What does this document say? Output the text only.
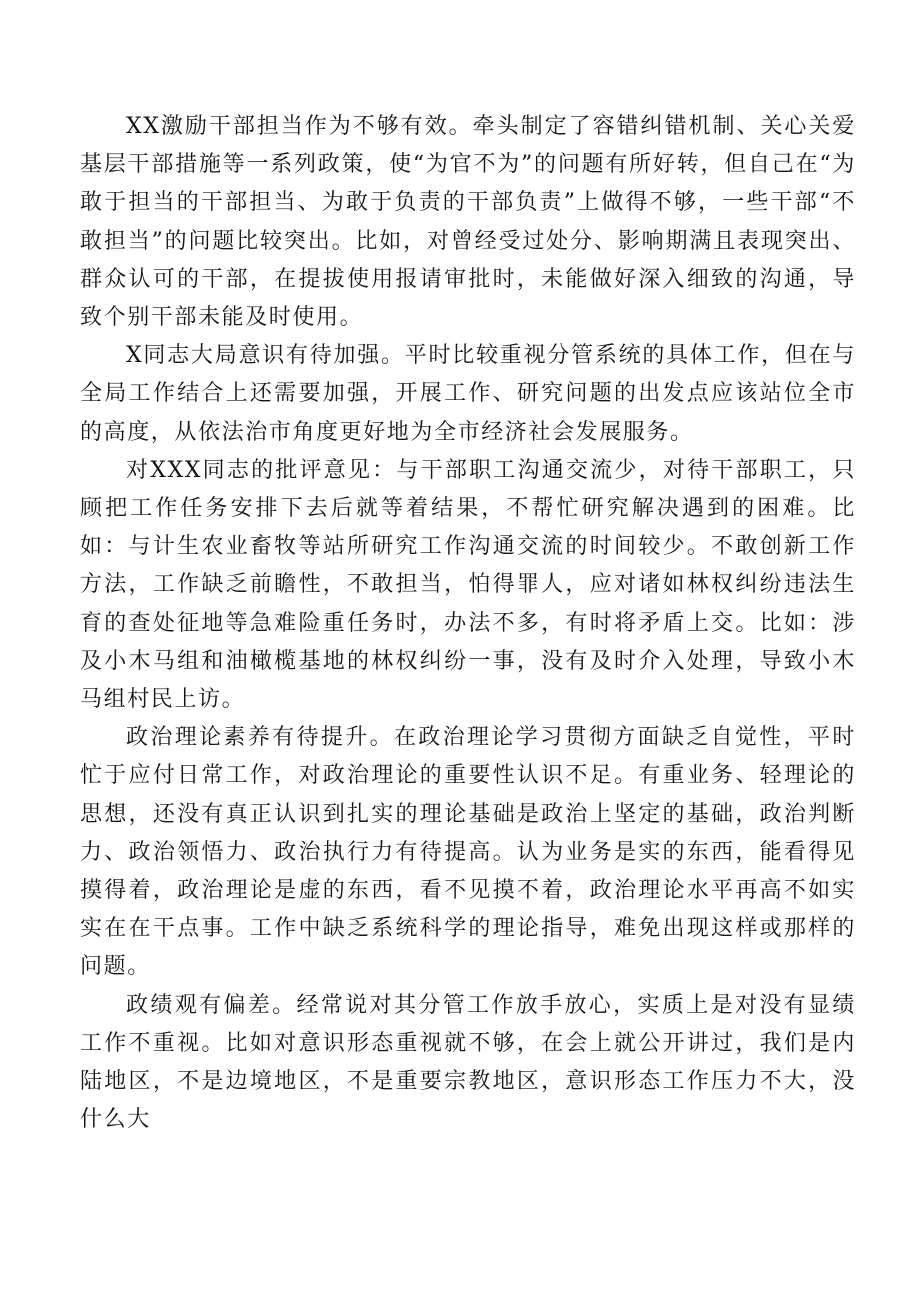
XX激励干部担当作为不够有效。牵头制定了容错纠错机制、关心关爱基层干部措施等一系列政策，使“为官不为”的问题有所好转，但自己在“为敢于担当的干部担当、为敢于负责的干部负责”上做得不够，一些干部“不敢担当”的问题比较突出。比如，对曾经受过处分、影响期满且表现突出、群众认可的干部，在提拔使用报请审批时，未能做好深入细致的沟通，导致个别干部未能及时使用。

X同志大局意识有待加强。平时比较重视分管系统的具体工作，但在与全局工作结合上还需要加强，开展工作、研究问题的出发点应该站位全市的高度，从依法治市角度更好地为全市经济社会发展服务。

对XXX同志的批评意见：与干部职工沟通交流少，对待干部职工，只顾把工作任务安排下去后就等着结果，不帮忙研究解决遇到的困难。比如：与计生农业畜牧等站所研究工作沟通交流的时间较少。不敢创新工作方法，工作缺乏前瞻性，不敢担当，怕得罪人，应对诸如林权纠纷违法生育的查处征地等急难险重任务时，办法不多，有时将矛盾上交。比如：涉及小木马组和油橄榄基地的林权纠纷一事，没有及时介入处理，导致小木马组村民上访。

政治理论素养有待提升。在政治理论学习贯彻方面缺乏自觉性，平时忙于应付日常工作，对政治理论的重要性认识不足。有重业务、轻理论的思想，还没有真正认识到扎实的理论基础是政治上坚定的基础，政治判断力、政治领悟力、政治执行力有待提高。认为业务是实的东西，能看得见摸得着，政治理论是虚的东西，看不见摸不着，政治理论水平再高不如实实在在干点事。工作中缺乏系统科学的理论指导，难免出现这样或那样的问题。

政绩观有偏差。经常说对其分管工作放手放心，实质上是对没有显绩工作不重视。比如对意识形态重视就不够，在会上就公开讲过，我们是内陆地区，不是边境地区，不是重要宗教地区，意识形态工作压力不大，没什么大
